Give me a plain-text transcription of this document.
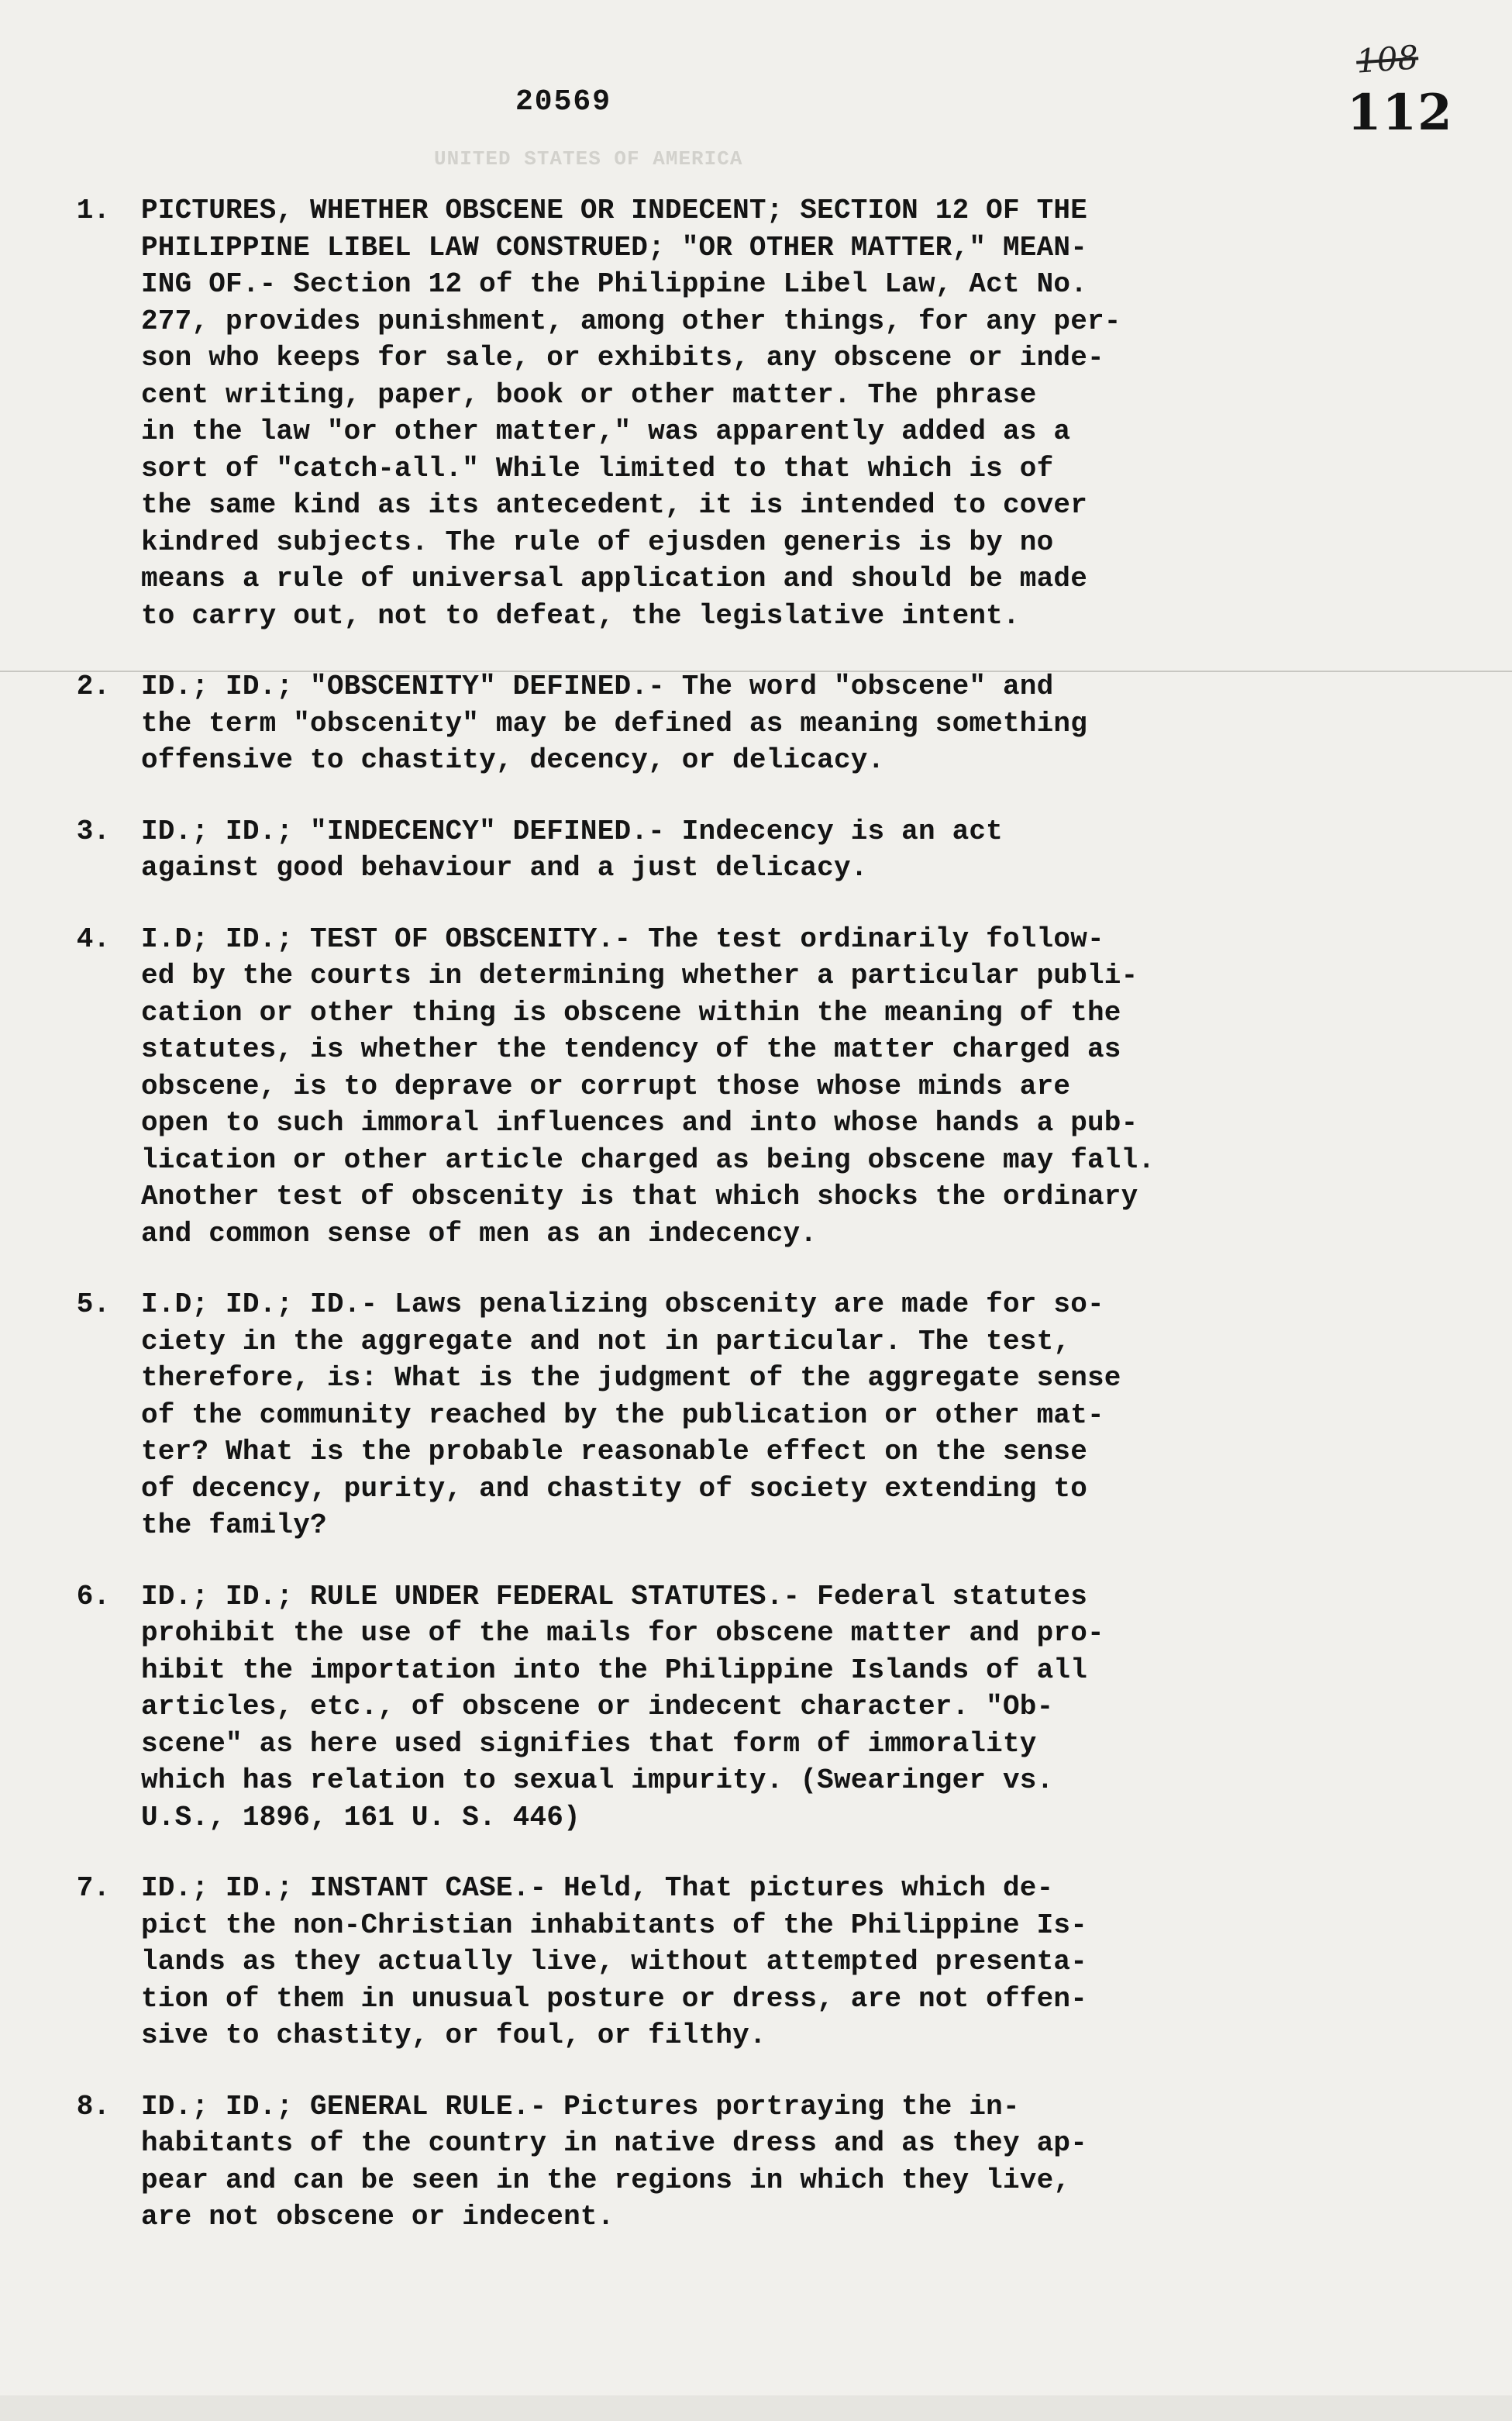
UNITED STATES OF AMERICA
20569
108
112
1.	PICTURES, WHETHER OBSCENE OR INDECENT; SECTION 12 OF THE
PHILIPPINE LIBEL LAW CONSTRUED; "OR OTHER MATTER," MEAN-
ING OF.- Section 12 of the Philippine Libel Law, Act No.
277, provides punishment, among other things, for any per-
son who keeps for sale, or exhibits, any obscene or inde-
cent writing, paper, book or other matter. The phrase
in the law "or other matter," was apparently added as a
sort of "catch-all." While limited to that which is of
the same kind as its antecedent, it is intended to cover
kindred subjects. The rule of ejusden generis is by no
means a rule of universal application and should be made
to carry out, not to defeat, the legislative intent.
2.	ID.; ID.; "OBSCENITY" DEFINED.- The word "obscene" and
the term "obscenity" may be defined as meaning something
offensive to chastity, decency, or delicacy.
3.	ID.; ID.; "INDECENCY" DEFINED.- Indecency is an act
against good behaviour and a just delicacy.
4.	I.D; ID.; TEST OF OBSCENITY.- The test ordinarily follow-
ed by the courts in determining whether a particular publi-
cation or other thing is obscene within the meaning of the
statutes, is whether the tendency of the matter charged as
obscene, is to deprave or corrupt those whose minds are
open to such immoral influences and into whose hands a pub-
lication or other article charged as being obscene may fall.
Another test of obscenity is that which shocks the ordinary
and common sense of men as an indecency.
5.	I.D; ID.; ID.- Laws penalizing obscenity are made for so-
ciety in the aggregate and not in particular. The test,
therefore, is: What is the judgment of the aggregate sense
of the community reached by the publication or other mat-
ter? What is the probable reasonable effect on the sense
of decency, purity, and chastity of society extending to
the family?
6.	ID.; ID.; RULE UNDER FEDERAL STATUTES.- Federal statutes
prohibit the use of the mails for obscene matter and pro-
hibit the importation into the Philippine Islands of all
articles, etc., of obscene or indecent character. "Ob-
scene" as here used signifies that form of immorality
which has relation to sexual impurity. (Swearinger vs.
U.S., 1896, 161 U. S. 446)
7.	ID.; ID.; INSTANT CASE.- Held, That pictures which de-
pict the non-Christian inhabitants of the Philippine Is-
lands as they actually live, without attempted presenta-
tion of them in unusual posture or dress, are not offen-
sive to chastity, or foul, or filthy.
8.	ID.; ID.; GENERAL RULE.- Pictures portraying the in-
habitants of the country in native dress and as they ap-
pear and can be seen in the regions in which they live,
are not obscene or indecent.
